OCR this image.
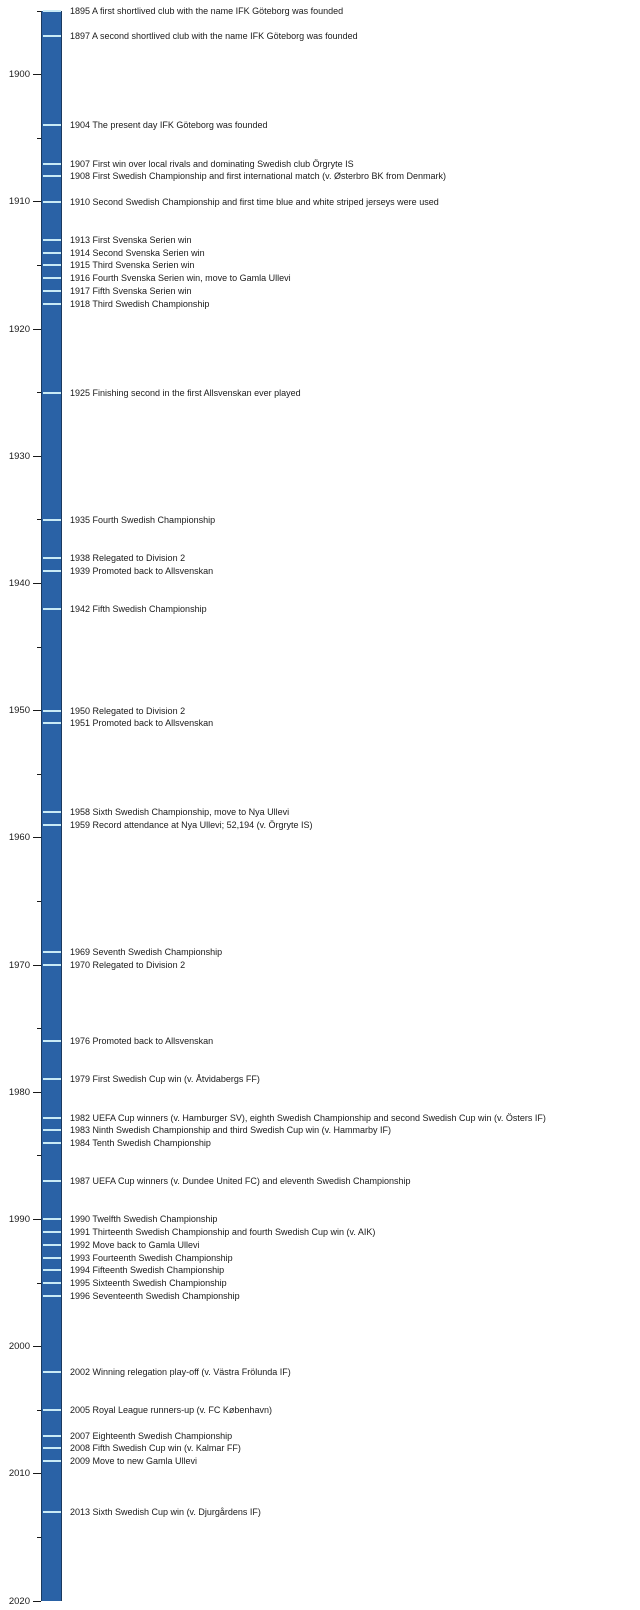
1900
1910
1920
1930
1940
1950
1960
1970
1980
1990
2000
2010
2020
1895 A first shortlived club with the name IFK Göteborg was founded
1897 A second shortlived club with the name IFK Göteborg was founded
1904 The present day IFK Göteborg was founded
1907 First win over local rivals and dominating Swedish club Örgryte IS
1908 First Swedish Championship and first international match (v. Østerbro BK from Denmark)
1910 Second Swedish Championship and first time blue and white striped jerseys were used
1913 First Svenska Serien win
1914 Second Svenska Serien win
1915 Third Svenska Serien win
1916 Fourth Svenska Serien win, move to Gamla Ullevi
1917 Fifth Svenska Serien win
1918 Third Swedish Championship
1925 Finishing second in the first Allsvenskan ever played
1935 Fourth Swedish Championship
1938 Relegated to Division 2
1939 Promoted back to Allsvenskan
1942 Fifth Swedish Championship
1950 Relegated to Division 2
1951 Promoted back to Allsvenskan
1958 Sixth Swedish Championship, move to Nya Ullevi
1959 Record attendance at Nya Ullevi; 52,194 (v. Örgryte IS)
1969 Seventh Swedish Championship
1970 Relegated to Division 2
1976 Promoted back to Allsvenskan
1979 First Swedish Cup win (v. Åtvidabergs FF)
1982 UEFA Cup winners (v. Hamburger SV), eighth Swedish Championship and second Swedish Cup win (v. Östers IF)
1983 Ninth Swedish Championship and third Swedish Cup win (v. Hammarby IF)
1984 Tenth Swedish Championship
1987 UEFA Cup winners (v. Dundee United FC) and eleventh Swedish Championship
1990 Twelfth Swedish Championship
1991 Thirteenth Swedish Championship and fourth Swedish Cup win (v. AIK)
1992 Move back to Gamla Ullevi
1993 Fourteenth Swedish Championship
1994 Fifteenth Swedish Championship
1995 Sixteenth Swedish Championship
1996 Seventeenth Swedish Championship
2002 Winning relegation play-off (v. Västra Frölunda IF)
2005 Royal League runners-up (v. FC København)
2007 Eighteenth Swedish Championship
2008 Fifth Swedish Cup win (v. Kalmar FF)
2009 Move to new Gamla Ullevi
2013 Sixth Swedish Cup win (v. Djurgårdens IF)
